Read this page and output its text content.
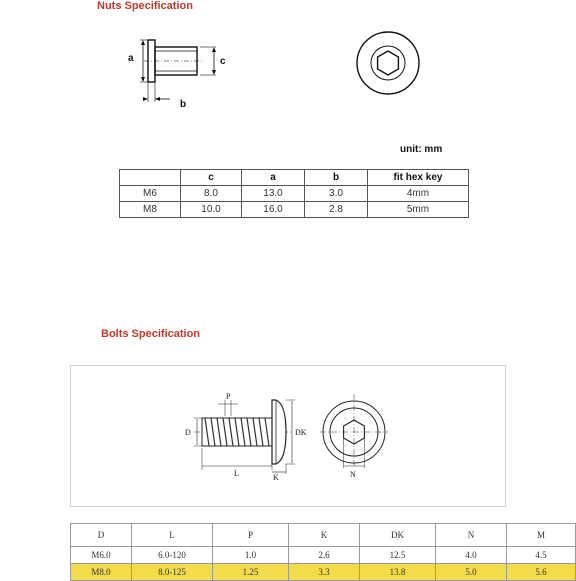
Nuts Specification
a	c
b
unit: mm
	c	a	b	fit hex key
M6	8.0	13.0	3.0	4mm
M8	10.0	16.0	2.8	5mm
Bolts Specification
P
D	DK
L	K	N
D	L	P	K	DK	N	M
M6.0	6.0-120	1.0	2.6	12.5	4.0	4.5
M8.0	8.0-125	1.25	3.3	13.8	5.0	5.6
